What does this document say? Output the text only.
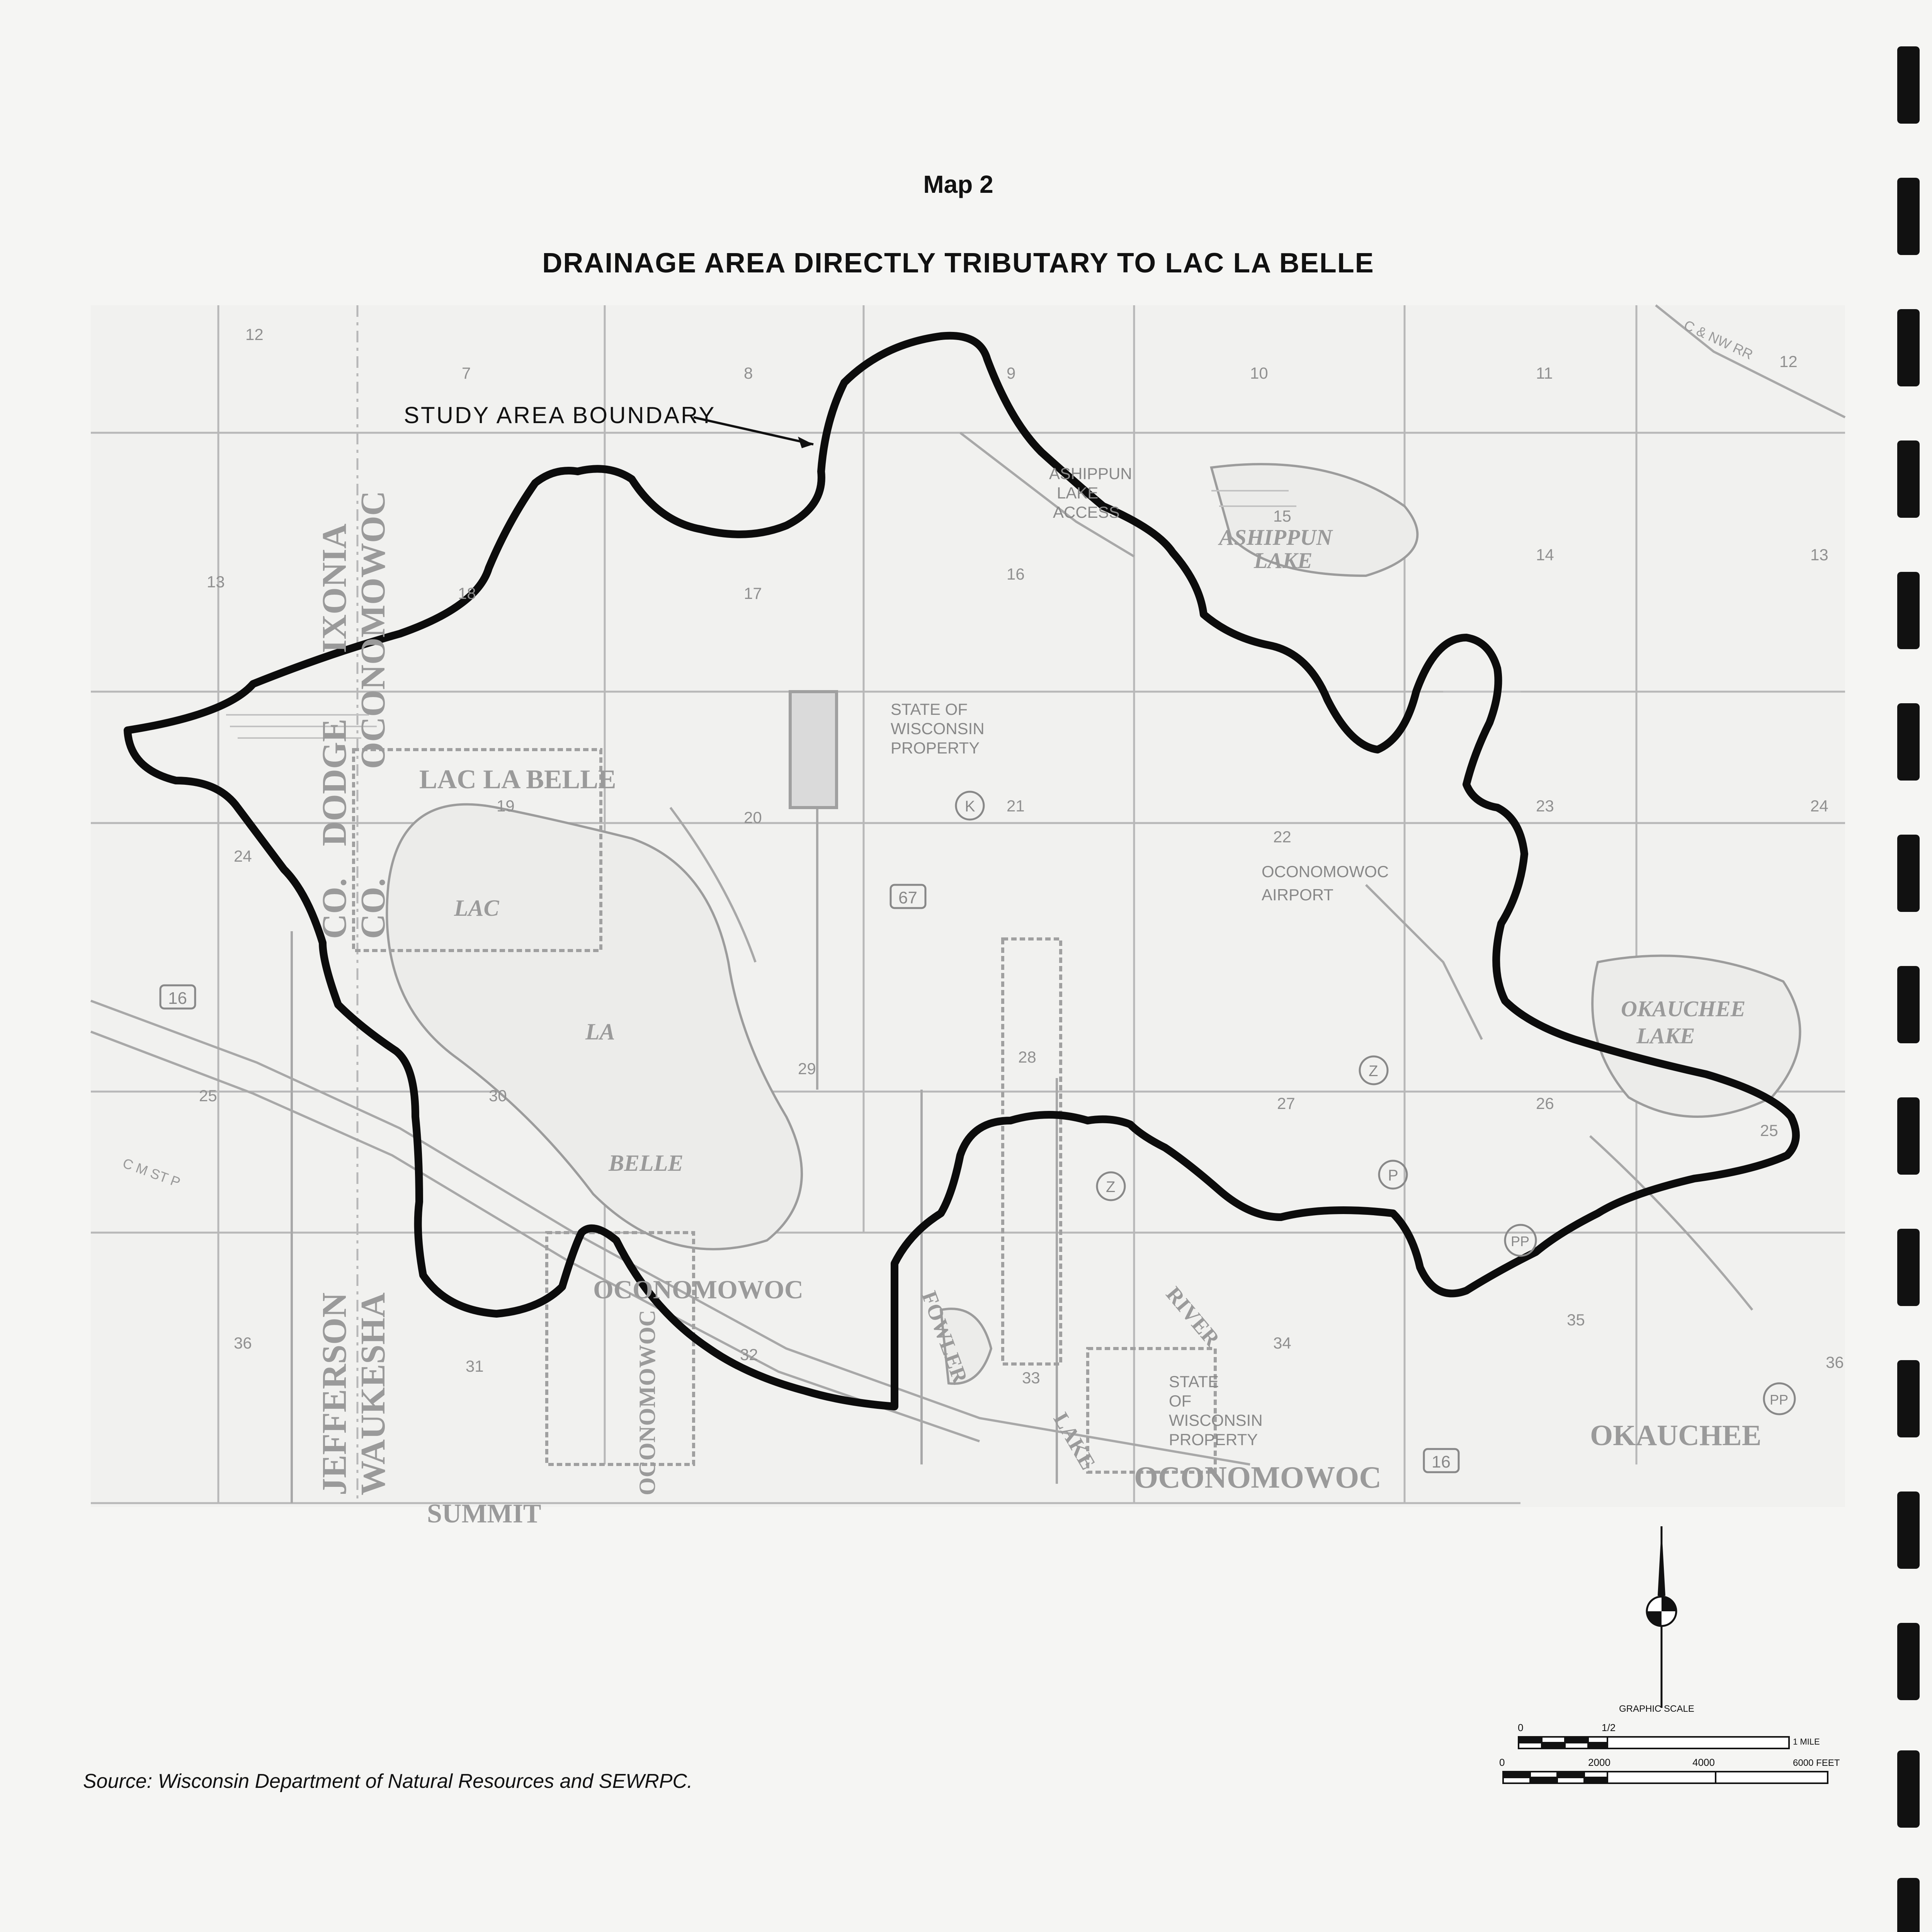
Map 2
DRAINAGE AREA DIRECTLY TRIBUTARY TO LAC LA BELLE
STUDY AREA BOUNDARY
LAC LA BELLE
LAC
LA
BELLE
OCONOMOWOC
OCONOMOWOC
OCONOMOWOC
ASHIPPUN
LAKE
OKAUCHEE
LAKE
OKAUCHEE
SUMMIT
JEFFERSON WAUKESHA
DODGE
CO. CO.
IXONIA OCONOMOWOC	STATE OF
WISCONSIN
PROPERTY
STATE
OF
WISCONSIN
PROPERTY
OCONOMOWOC
AIRPORT
ASHIPPUN
LAKE
ACCESS
12
7	8	9	10	11
12
13
18	17
16
15
14	13
24
19
20
21
22
23	24
25	30
29
28
27	26
25
36
31
32
33
34
35
36
16
67
K
Z
P
PP
PP
16
Z
RIVER
FOWLER
LAKE
C & NW RR
C M ST P
GRAPHIC SCALE
0	1/2
1 MILE
0	2000	4000	6000 FEET
Source: Wisconsin Department of Natural Resources and SEWRPC.
